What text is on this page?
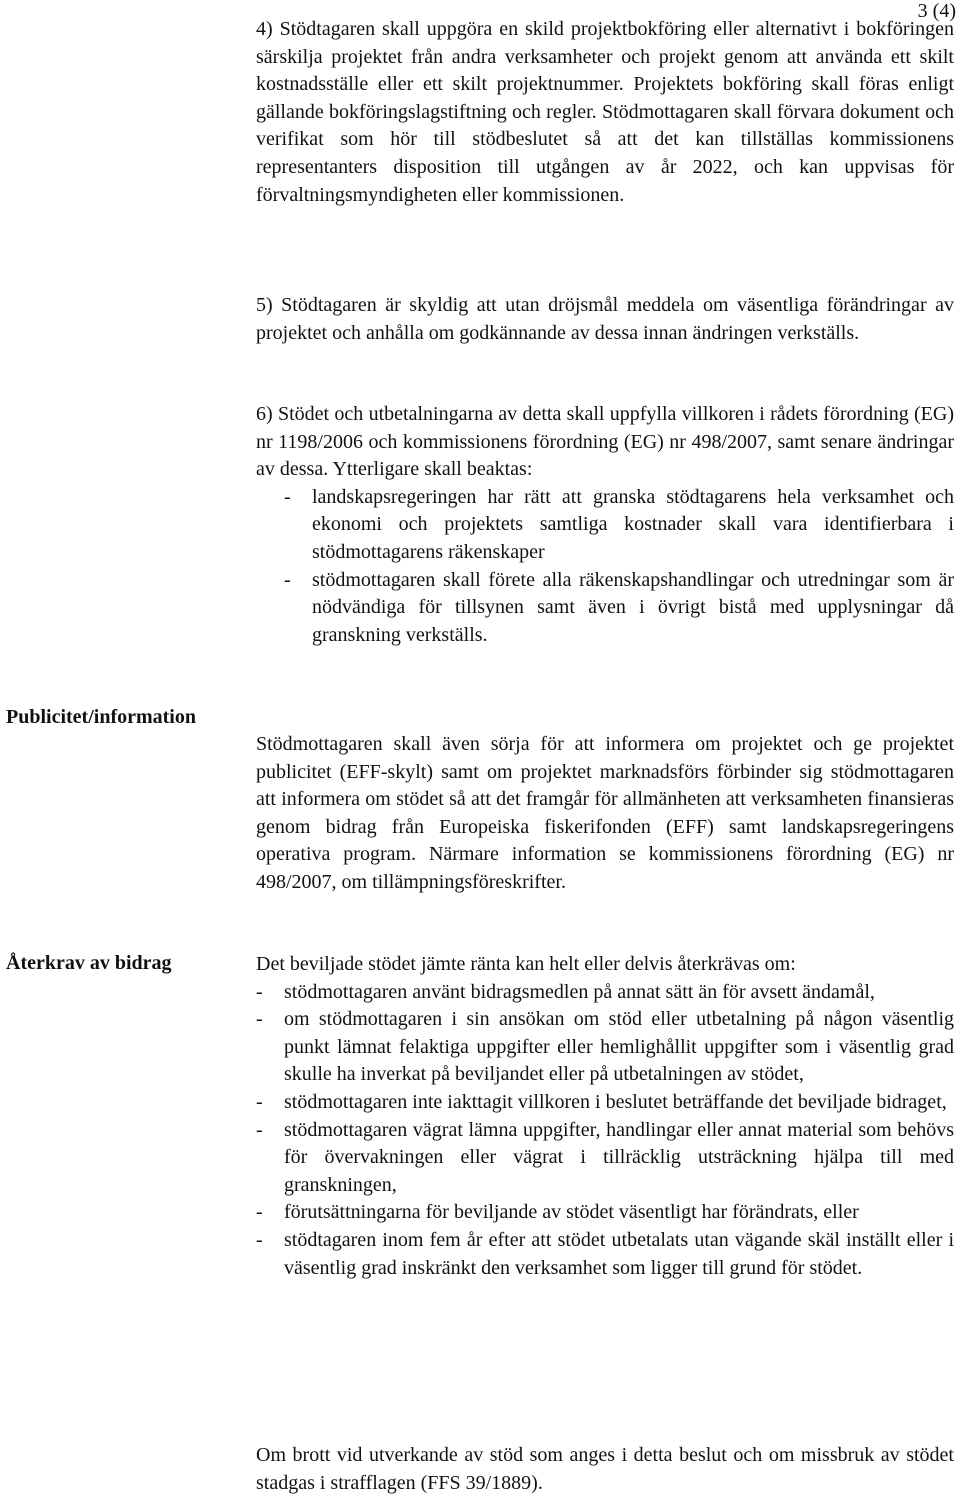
3 (4)
4) Stödtagaren skall uppgöra en skild projektbokföring eller alternativt i bokföringen särskilja projektet från andra verksamheter och projekt genom att använda ett skilt kostnadsställe eller ett skilt projektnummer. Projektets bokföring skall föras enligt gällande bokföringslagstiftning och regler. Stödmottagaren skall förvara dokument och verifikat som hör till stödbeslutet så att det kan tillställas kommissionens representanters disposition till utgången av år 2022, och kan uppvisas för förvaltningsmyndigheten eller kommissionen.
5) Stödtagaren är skyldig att utan dröjsmål meddela om väsentliga förändringar av projektet och anhålla om godkännande av dessa innan ändringen verkställs.
6) Stödet och utbetalningarna av detta skall uppfylla villkoren i rådets förordning (EG) nr 1198/2006 och kommissionens förordning (EG) nr 498/2007, samt senare ändringar av dessa. Ytterligare skall beaktas:
- landskapsregeringen har rätt att granska stödtagarens hela verksamhet och ekonomi och projektets samtliga kostnader skall vara identifierbara i stödmottagarens räkenskaper
- stödmottagaren skall förete alla räkenskapshandlingar och utredningar som är nödvändiga för tillsynen samt även i övrigt bistå med upplysningar då granskning verkställs.
Publicitet/information
Stödmottagaren skall även sörja för att informera om projektet och ge projektet publicitet (EFF-skylt) samt om projektet marknadsförs förbinder sig stödmottagaren att informera om stödet så att det framgår för allmänheten att verksamheten finansieras genom bidrag från Europeiska fiskerifonden (EFF) samt landskapsregeringens operativa program. Närmare information se kommissionens förordning (EG) nr 498/2007, om tillämpningsföreskrifter.
Återkrav av bidrag	Det beviljade stödet jämte ränta kan helt eller delvis återkrävas om:
- stödmottagaren använt bidragsmedlen på annat sätt än för avsett ändamål,
- om stödmottagaren i sin ansökan om stöd eller utbetalning på någon väsentlig punkt lämnat felaktiga uppgifter eller hemlighållit uppgifter som i väsentlig grad skulle ha inverkat på beviljandet eller på utbetalningen av stödet,
- stödmottagaren inte iakttagit villkoren i beslutet beträffande det beviljade bidraget,
- stödmottagaren vägrat lämna uppgifter, handlingar eller annat material som behövs för övervakningen eller vägrat i tillräcklig utsträckning hjälpa till med granskningen,
- förutsättningarna för beviljande av stödet väsentligt har förändrats, eller
- stödtagaren inom fem år efter att stödet utbetalats utan vägande skäl inställt eller i väsentlig grad inskränkt den verksamhet som ligger till grund för stödet.
Om brott vid utverkande av stöd som anges i detta beslut och om missbruk av stödet stadgas i strafflagen (FFS 39/1889).
